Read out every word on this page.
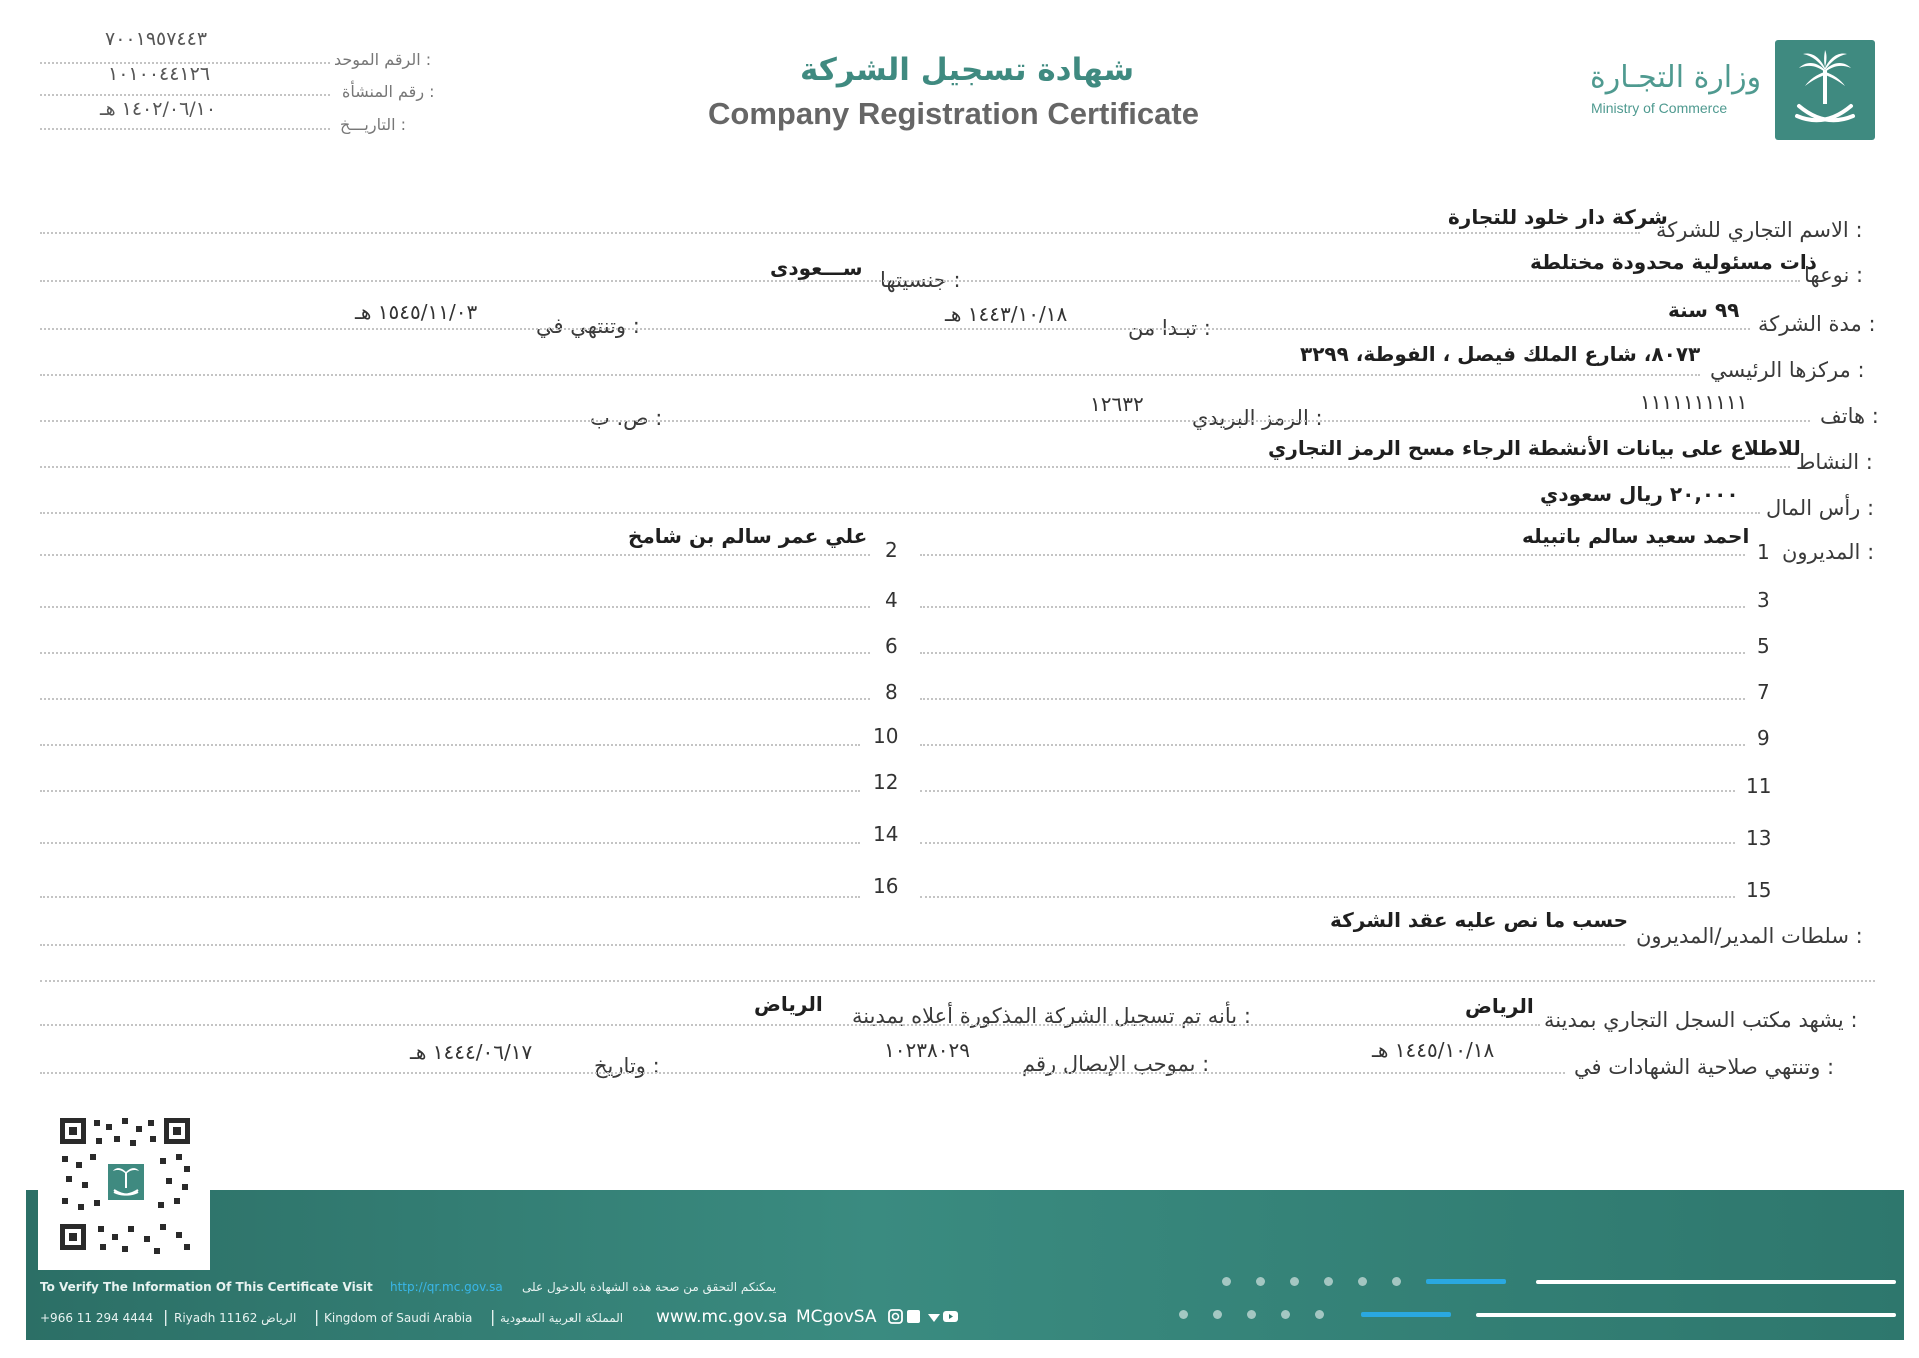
٧٠٠١٩٥٧٤٤٣
الرقم الموحد :
١٠١٠٠٤٤١٢٦
رقم المنشأة :
١٤٠٢/٠٦/١٠ هـ
التاريـــخ :
شهادة تسجيل الشركة
Company Registration Certificate
وزارة التجـارة
Ministry of Commerce
الاسم التجاري للشركة :
شركة دار خلود للتجارة
نوعها :
ذات مسئولية محدودة مختلطة
جنسيتها :
ســـعودى
مدة الشركة :
٩٩ سنة
تبـدا من :
١٤٤٣/١٠/١٨ هـ
وتنتهي في :
١٥٤٥/١١/٠٣ هـ
مركزها الرئيسي :
٨٠٧٣، شارع الملك فيصل ، الفوطة، ٣٢٩٩
هاتف :
١١١١١١١١١١
الرمز البريدي :
١٢٦٣٢
ص. ب :
النشاط :
للاطلاع على بيانات الأنشطة الرجاء مسح الرمز التجاري
رأس المال :
٢٠,٠٠٠ ريال سعودي
المديرون :
1
احمد سعيد سالم باتبيله
2
علي عمر سالم بن شامخ
3
4
5
6
7
8
9
10
11
12
13
14
15
16
سلطات المدير/المديرون :
حسب ما نص عليه عقد الشركة
يشهد مكتب السجل التجاري بمدينة :
الرياض
بأنه تم تسجيل الشركة المذكورة أعلاه بمدينة :
الرياض
وتنتهي صلاحية الشهادات في :
١٤٤٥/١٠/١٨ هـ
بموجب الإيصال رقم :
١٠٢٣٨٠٢٩
وتاريخ :
١٤٤٤/٠٦/١٧ هـ
To Verify The Information Of This Certificate Visit http://qr.mc.gov.sa يمكنكم التحقق من صحة هذه الشهادة بالدخول على
+966 11 294 4444 | Riyadh 11162 الرياض | Kingdom of Saudi Arabia | المملكة العربية السعودية www.mc.gov.sa MCgovSA
